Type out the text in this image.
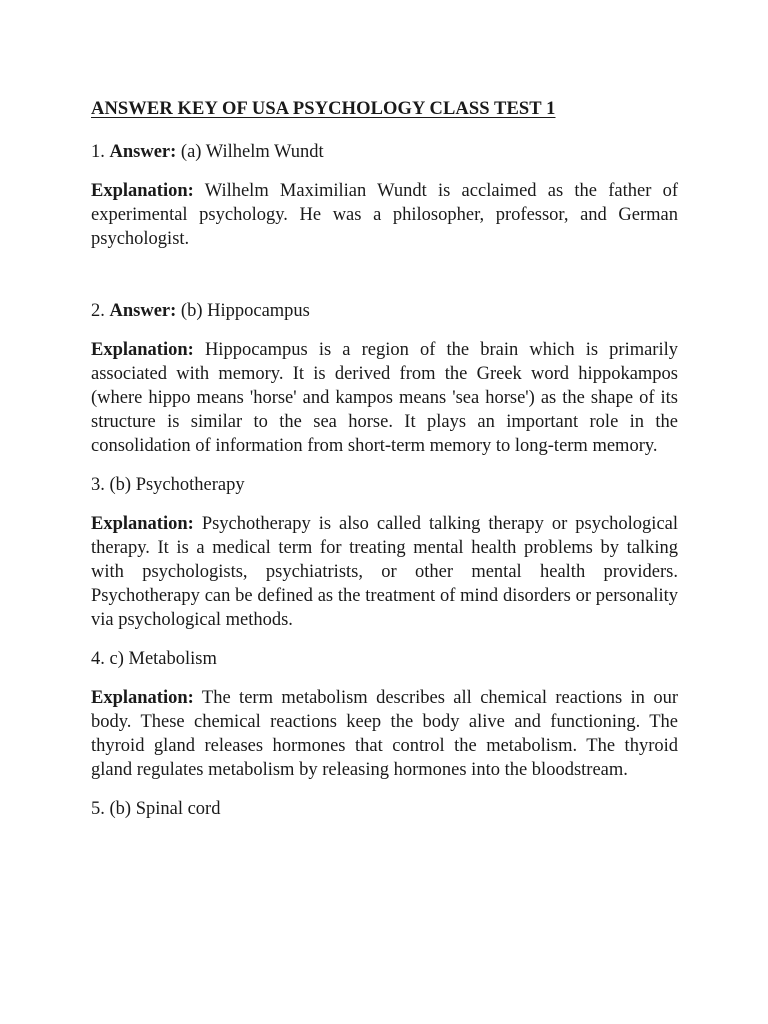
ANSWER KEY OF USA PSYCHOLOGY CLASS TEST 1

1. Answer: (a) Wilhelm Wundt

Explanation: Wilhelm Maximilian Wundt is acclaimed as the father of experimental psychology. He was a philosopher, professor, and German psychologist.

2. Answer: (b) Hippocampus

Explanation: Hippocampus is a region of the brain which is primarily associated with memory. It is derived from the Greek word hippokampos (where hippo means 'horse' and kampos means 'sea horse') as the shape of its structure is similar to the sea horse. It plays an important role in the consolidation of information from short-term memory to long-term memory.

3. (b) Psychotherapy

Explanation: Psychotherapy is also called talking therapy or psychological therapy. It is a medical term for treating mental health problems by talking with psychologists, psychiatrists, or other mental health providers. Psychotherapy can be defined as the treatment of mind disorders or personality via psychological methods.

4. c) Metabolism

Explanation: The term metabolism describes all chemical reactions in our body. These chemical reactions keep the body alive and functioning. The thyroid gland releases hormones that control the metabolism. The thyroid gland regulates metabolism by releasing hormones into the bloodstream.

5. (b) Spinal cord
